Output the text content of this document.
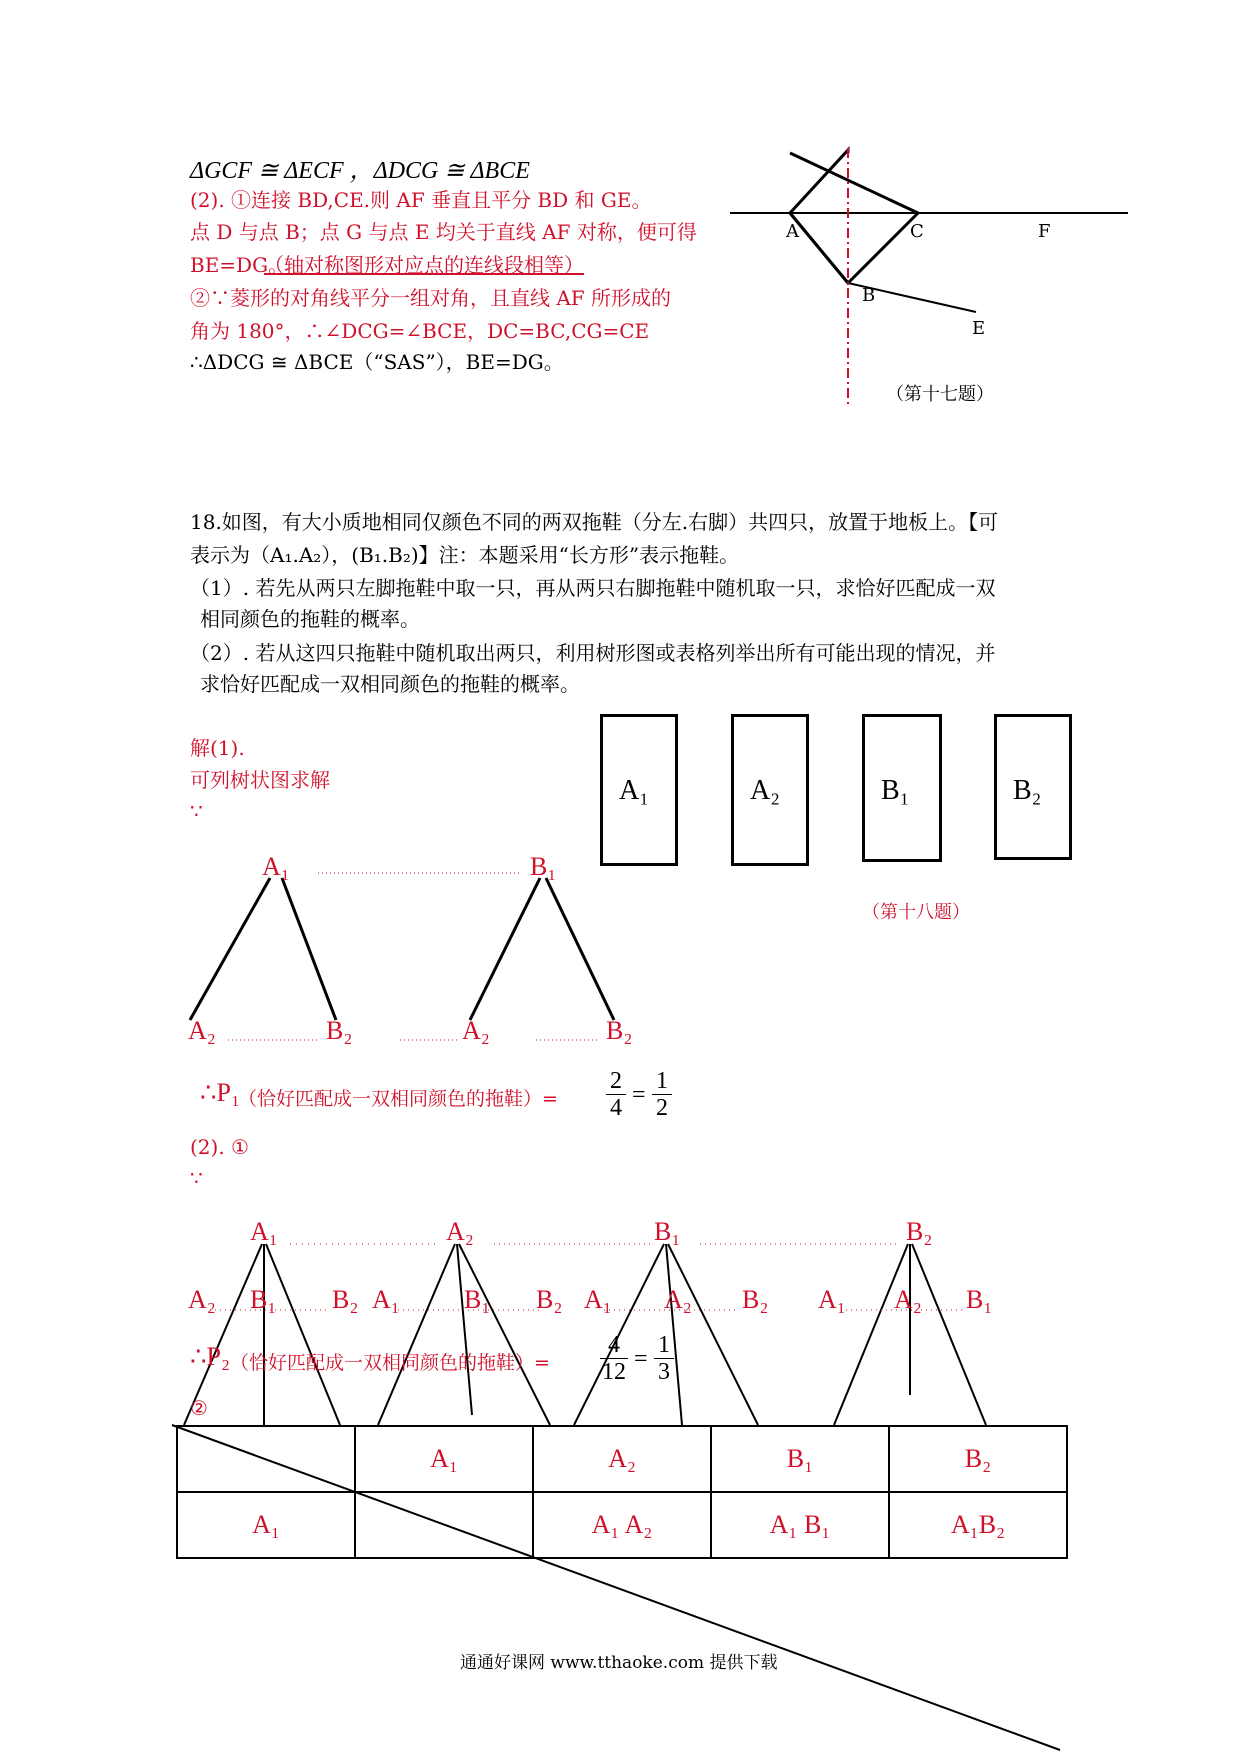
ΔGCF ≅ ΔECF ，ΔDCG ≅ ΔBCE
(2). ①连接 BD,CE.则 AF 垂直且平分 BD 和 GE。
点 D 与点 B；点 G 与点 E 均关于直线 AF 对称，便可得
BE=DG。
（轴对称图形对应点的连线段相等）
②∵菱形的对角线平分一组对角，且直线 AF 所形成的
角为 180°，∴∠DCG=∠BCE，DC=BC,CG=CE
∴ΔDCG ≅ ΔBCE（“SAS”），BE=DG。
A	C	F
B
E
（第十七题）
18.如图，有大小质地相同仅颜色不同的两双拖鞋（分左.右脚）共四只，放置于地板上。【可
表示为（A₁.A₂），(B₁.B₂)】注：本题采用“长方形”表示拖鞋。
（1）. 若先从两只左脚拖鞋中取一只，再从两只右脚拖鞋中随机取一只，求恰好匹配成一双
相同颜色的拖鞋的概率。
（2）. 若从这四只拖鞋中随机取出两只，利用树形图或表格列举出所有可能出现的情况，并
求恰好匹配成一双相同颜色的拖鞋的概率。
A₁	A₂	B₁	B₂
（第十八题）
解(1).
可列树状图求解
∵
A₁	B₁
A₂	B₂	A₂	B₂
∴P₁
（恰好匹配成一双相同颜色的拖鞋）=
2
4 =
1
2
(2). ①
∵
A₁	A₂	B₁	B₂
A₂ B₁ B₂ A₁ B₁ B₂ A₁ A₂ B₂ A₁ A₂ B₁
∴P₂ （恰好匹配成一双相同颜色的拖鞋）=
4
12 =
1
3
②
	A₁	A₂	B₁	B₂
A₁		A₁ A₂	A₁ B₁	A₁B₂
通通好课网 www.tthaoke.com 提供下载
